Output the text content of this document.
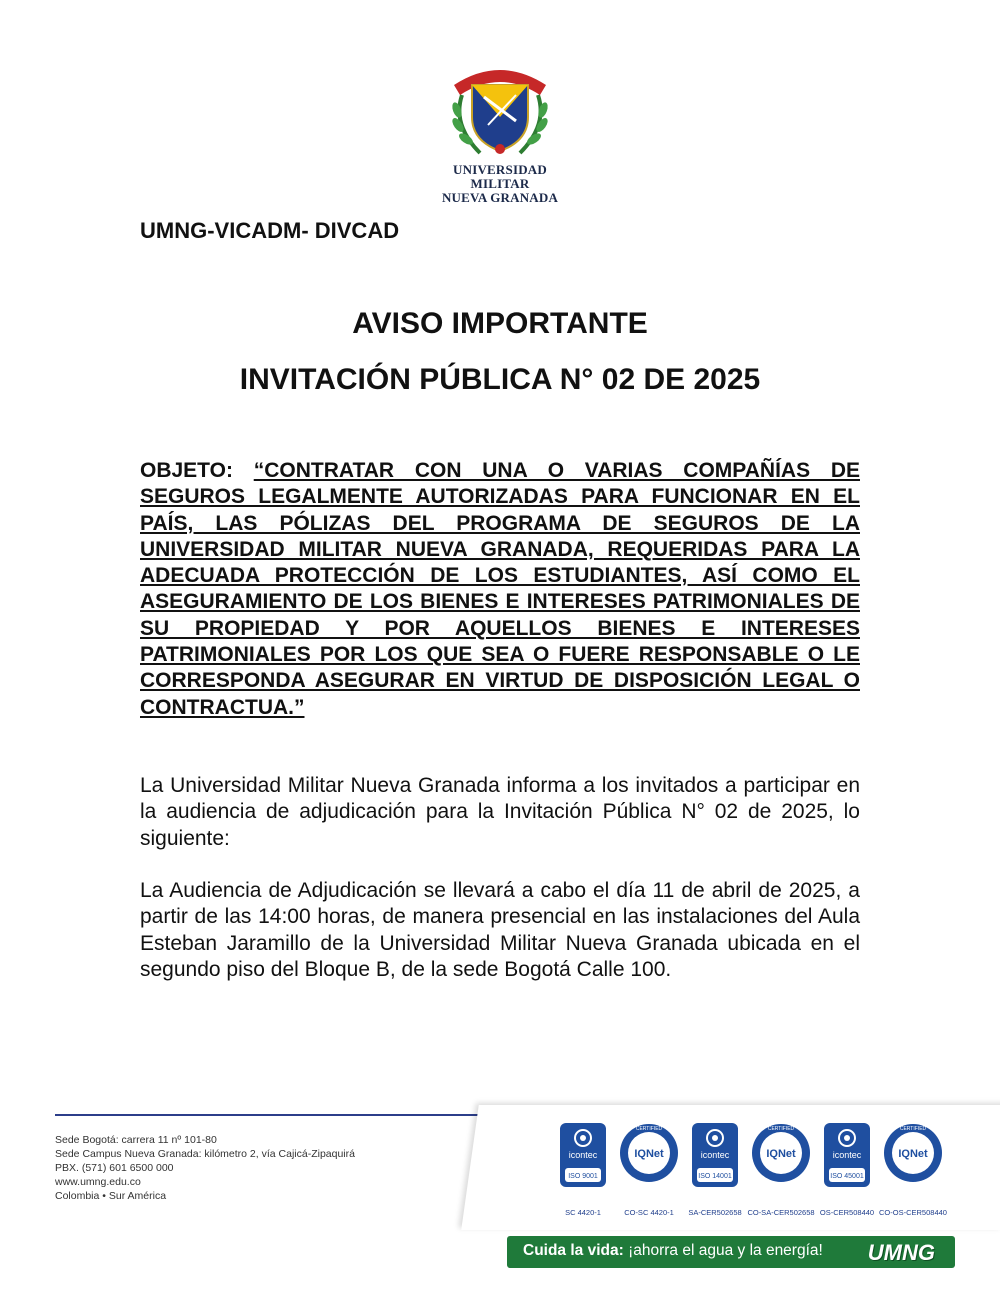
UNIVERSIDAD MILITAR
NUEVA GRANADA
UMNG-VICADM- DIVCAD
AVISO IMPORTANTE
INVITACIÓN PÚBLICA N° 02 DE 2025
OBJETO: “CONTRATAR CON UNA O VARIAS COMPAÑÍAS DE SEGUROS LEGALMENTE AUTORIZADAS PARA FUNCIONAR EN EL PAÍS, LAS PÓLIZAS DEL PROGRAMA DE SEGUROS DE LA UNIVERSIDAD MILITAR NUEVA GRANADA, REQUERIDAS PARA LA ADECUADA PROTECCIÓN DE LOS ESTUDIANTES, ASÍ COMO EL ASEGURAMIENTO DE LOS BIENES E INTERESES PATRIMONIALES DE SU PROPIEDAD Y POR AQUELLOS BIENES E INTERESES PATRIMONIALES POR LOS QUE SEA O FUERE RESPONSABLE O LE CORRESPONDA ASEGURAR EN VIRTUD DE DISPOSICIÓN LEGAL O CONTRACTUA.”
La Universidad Militar Nueva Granada informa a los invitados a participar en la audiencia de adjudicación para la Invitación Pública N° 02 de 2025, lo siguiente:
La Audiencia de Adjudicación se llevará a cabo el día 11 de abril de 2025, a partir de las 14:00 horas, de manera presencial en las instalaciones del Aula Esteban Jaramillo de la Universidad Militar Nueva Granada ubicada en el segundo piso del Bloque B, de la sede Bogotá Calle 100.
Sede Bogotá: carrera 11 nº 101-80
Sede Campus Nueva Granada: kilómetro 2, vía Cajicá-Zipaquirá
PBX. (571) 601 6500 000
www.umng.edu.co
Colombia • Sur América
icontec
ISO 9001
SC 4420-1
CERTIFIED
IQNet
CO-SC 4420-1
icontec
ISO 14001
SA-CER502658
CERTIFIED
IQNet
CO-SA-CER502658
icontec
ISO 45001
OS-CER508440
CERTIFIED
IQNet
CO-OS-CER508440
Cuida la vida: ¡ahorra el agua y la energía! UMNG
